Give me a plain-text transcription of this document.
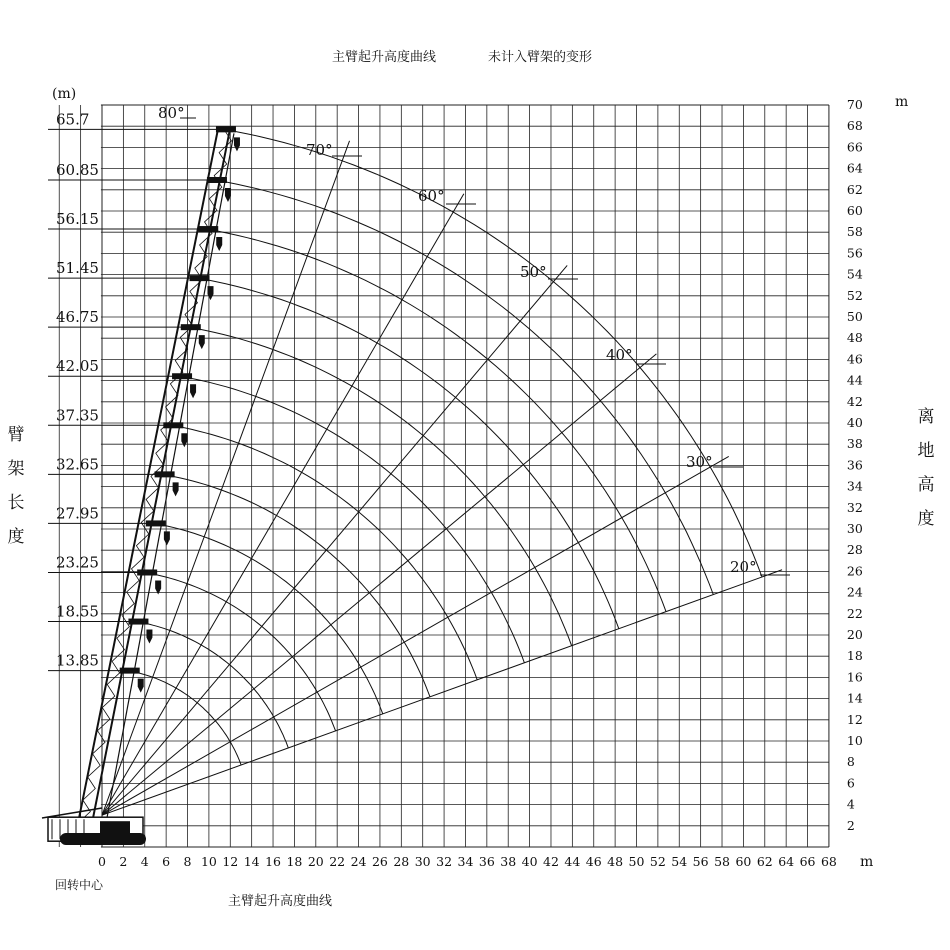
主臂起升高度曲线	未计入臂架的变形
臂
架
长
度
离
地
高
度
回转中心
主臂起升高度曲线
0 2 4 6 8 10 12 14 16 18 20 22 24 26 28 30 32 34 36 38 40 42 44 46 48 50 52 54 56 58 60 62 64 66 68 m
2
4
6
8
10
12
14
16
18
20
22
24
26
28
30
32
34
36
38
40
42
44
46
48
50
52
54
56
58
60
62
64
66
68
70 m
(m)
65.7
60.85
56.15
51.45
46.75
42.05
37.35
32.65
27.95
23.25
18.55
13.85
80°
70°
60°
50°
40°
30°
20°
